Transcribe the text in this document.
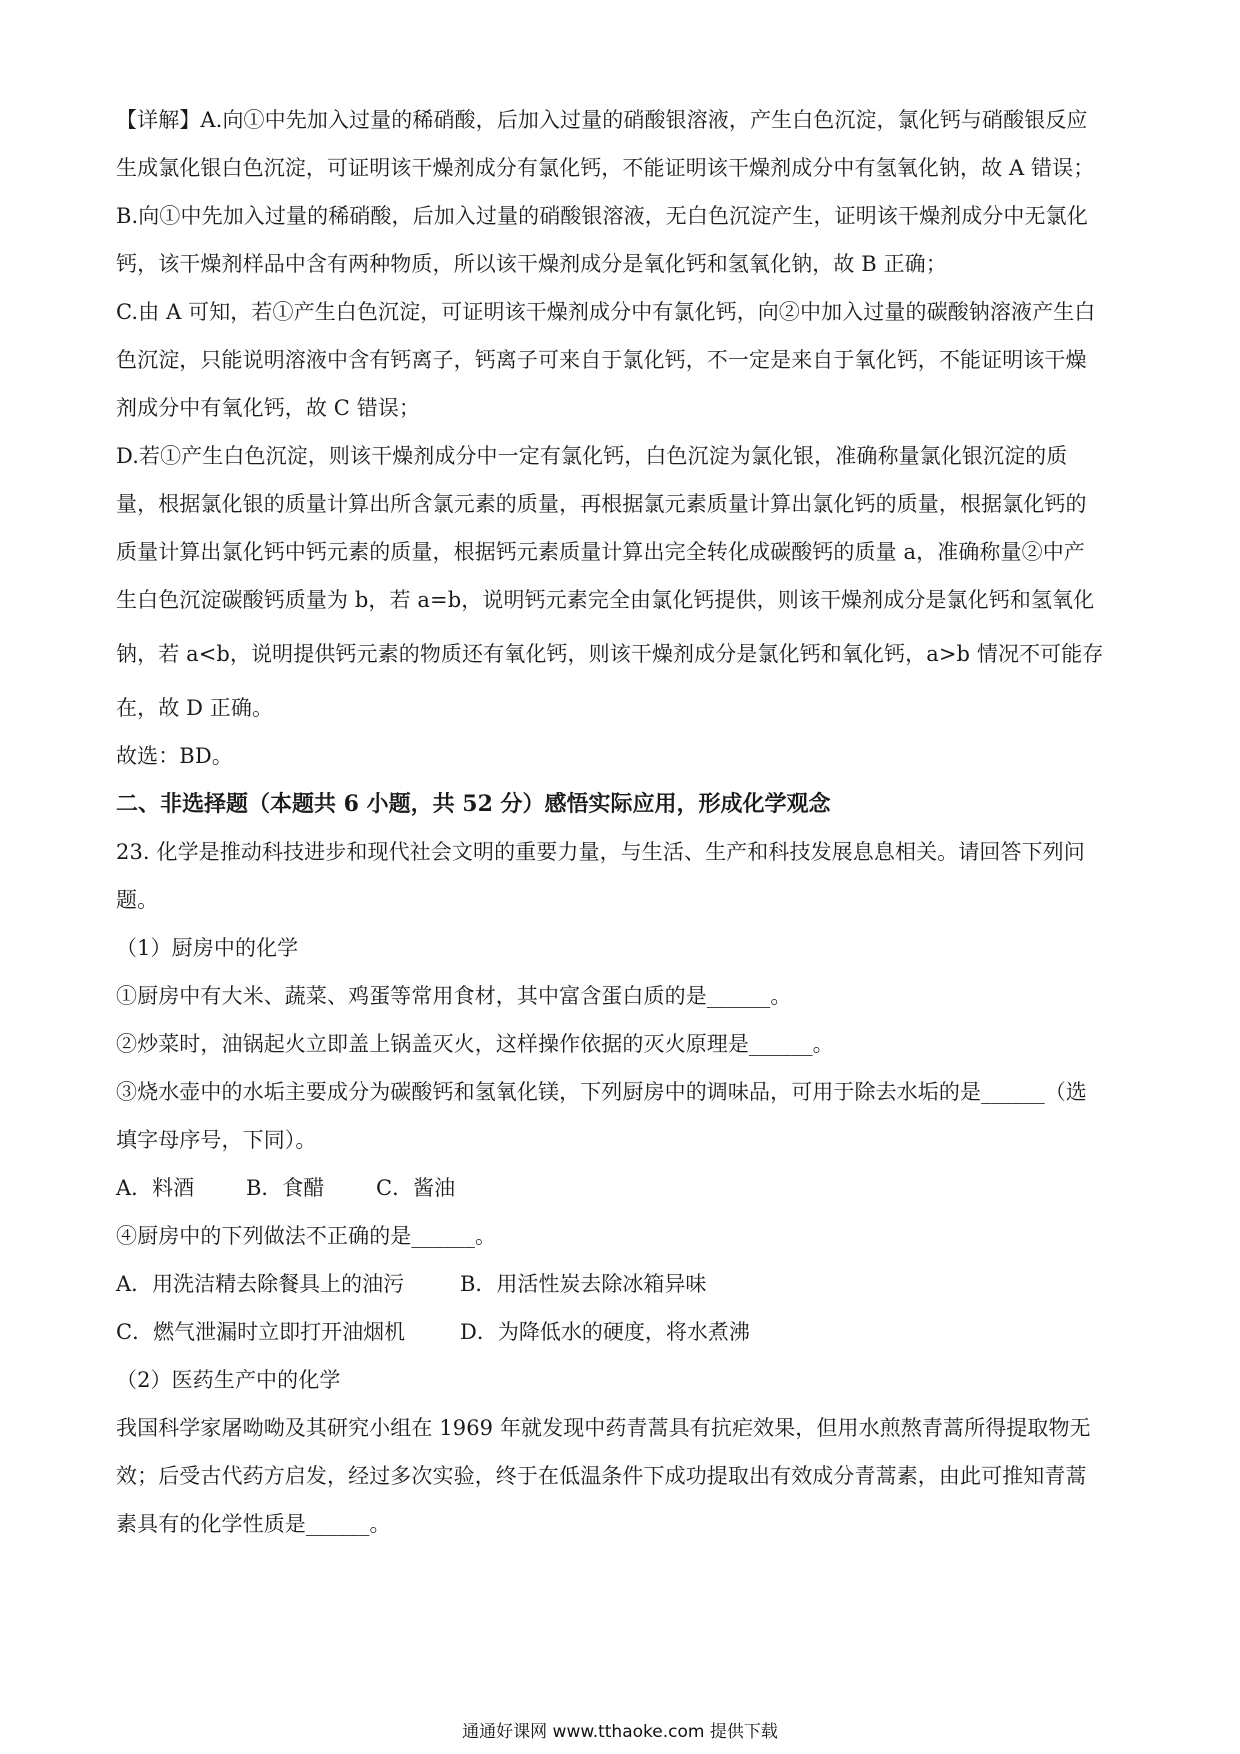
【详解】A.向①中先加入过量的稀硝酸，后加入过量的硝酸银溶液，产生白色沉淀，氯化钙与硝酸银反应

生成氯化银白色沉淀，可证明该干燥剂成分有氯化钙，不能证明该干燥剂成分中有氢氧化钠，故 A 错误；

B.向①中先加入过量的稀硝酸，后加入过量的硝酸银溶液，无白色沉淀产生，证明该干燥剂成分中无氯化

钙，该干燥剂样品中含有两种物质，所以该干燥剂成分是氧化钙和氢氧化钠，故 B 正确；

C.由 A 可知，若①产生白色沉淀，可证明该干燥剂成分中有氯化钙，向②中加入过量的碳酸钠溶液产生白

色沉淀，只能说明溶液中含有钙离子，钙离子可来自于氯化钙，不一定是来自于氧化钙，不能证明该干燥

剂成分中有氧化钙，故 C 错误；

D.若①产生白色沉淀，则该干燥剂成分中一定有氯化钙，白色沉淀为氯化银，准确称量氯化银沉淀的质

量，根据氯化银的质量计算出所含氯元素的质量，再根据氯元素质量计算出氯化钙的质量，根据氯化钙的

质量计算出氯化钙中钙元素的质量，根据钙元素质量计算出完全转化成碳酸钙的质量 a，准确称量②中产

生白色沉淀碳酸钙质量为 b，若 a=b，说明钙元素完全由氯化钙提供，则该干燥剂成分是氯化钙和氢氧化

钠，若 a<b，说明提供钙元素的物质还有氧化钙，则该干燥剂成分是氯化钙和氧化钙，a>b 情况不可能存

在，故 D 正确。

故选：BD。

二、非选择题（本题共 6 小题，共 52 分）感悟实际应用，形成化学观念

23. 化学是推动科技进步和现代社会文明的重要力量，与生活、生产和科技发展息息相关。请回答下列问

题。

（1）厨房中的化学

①厨房中有大米、蔬菜、鸡蛋等常用食材，其中富含蛋白质的是______。

②炒菜时，油锅起火立即盖上锅盖灭火，这样操作依据的灭火原理是______。

③烧水壶中的水垢主要成分为碳酸钙和氢氧化镁，下列厨房中的调味品，可用于除去水垢的是______（选

填字母序号，下同）。

A．料酒	B．食醋	C．酱油

④厨房中的下列做法不正确的是______。

A．用洗洁精去除餐具上的油污	B．用活性炭去除冰箱异味
C．燃气泄漏时立即打开油烟机	D．为降低水的硬度，将水煮沸

（2）医药生产中的化学

我国科学家屠呦呦及其研究小组在 1969 年就发现中药青蒿具有抗疟效果，但用水煎熬青蒿所得提取物无

效；后受古代药方启发，经过多次实验，终于在低温条件下成功提取出有效成分青蒿素，由此可推知青蒿

素具有的化学性质是______。

通通好课网 www.tthaoke.com 提供下载
